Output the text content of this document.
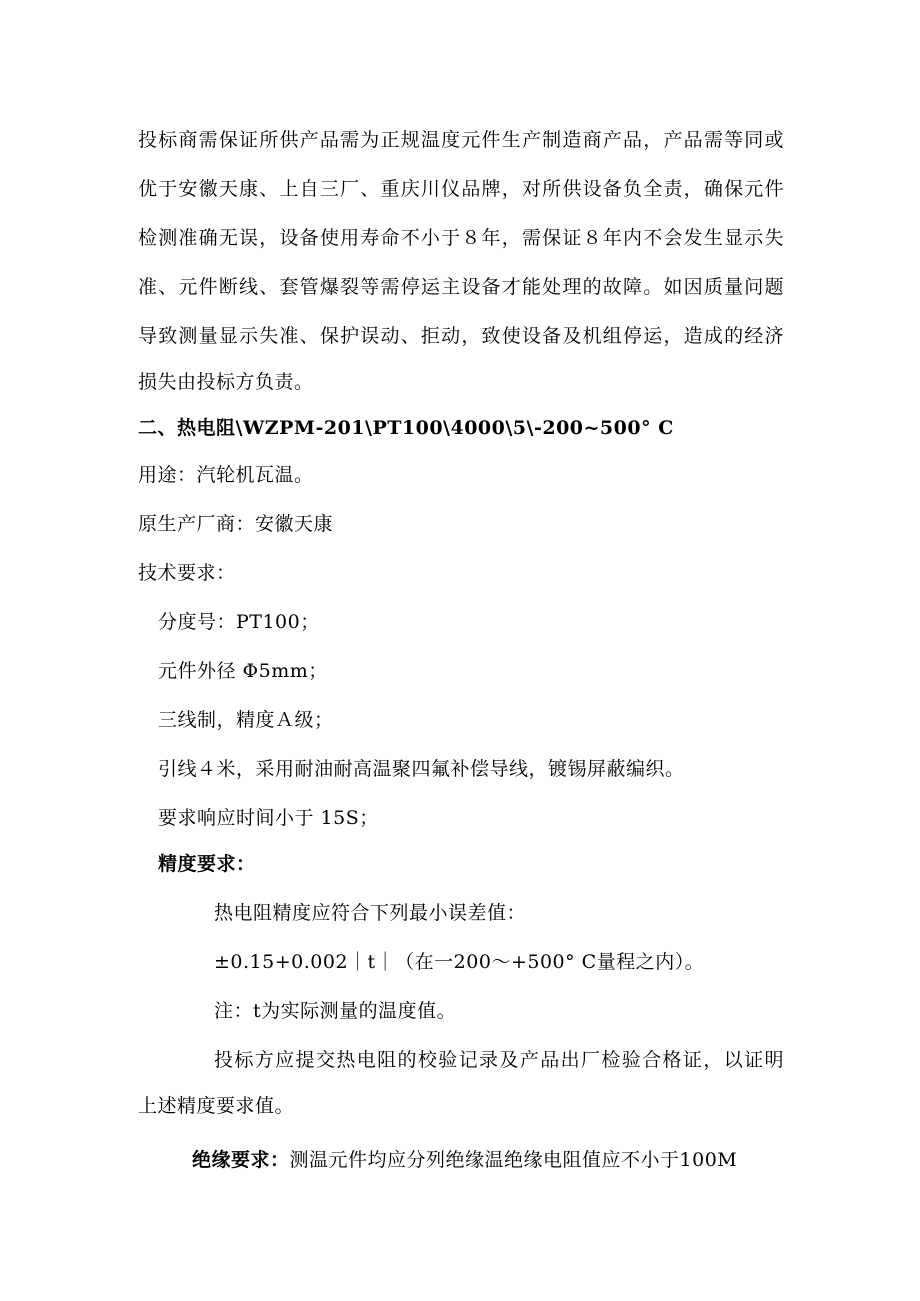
投标商需保证所供产品需为正规温度元件生产制造商产品，产品需等同或
优于安徽天康、上自三厂、重庆川仪品牌，对所供设备负全责，确保元件
检测准确无误，设备使用寿命不小于８年，需保证８年内不会发生显示失
准、元件断线、套管爆裂等需停运主设备才能处理的故障。如因质量问题
导致测量显示失准、保护误动、拒动，致使设备及机组停运，造成的经济
损失由投标方负责。
二、热电阻\WZPM-201\PT100\4000\5\-200~500° C
用途：汽轮机瓦温。
原生产厂商：安徽天康
技术要求：
分度号：PT100；
元件外径 Φ5mm；
三线制，精度Ａ级；
引线４米，采用耐油耐高温聚四氟补偿导线，镀锡屏蔽编织。
要求响应时间小于 15S；
精度要求：
热电阻精度应符合下列最小误差值：
±0.15+0.002｜t｜（在一200～+500° C量程之内）。
注：t为实际测量的温度值。
投标方应提交热电阻的校验记录及产品出厂检验合格证，以证明
上述精度要求值。
绝缘要求：测温元件均应分列绝缘温绝缘电阻值应不小于100M
